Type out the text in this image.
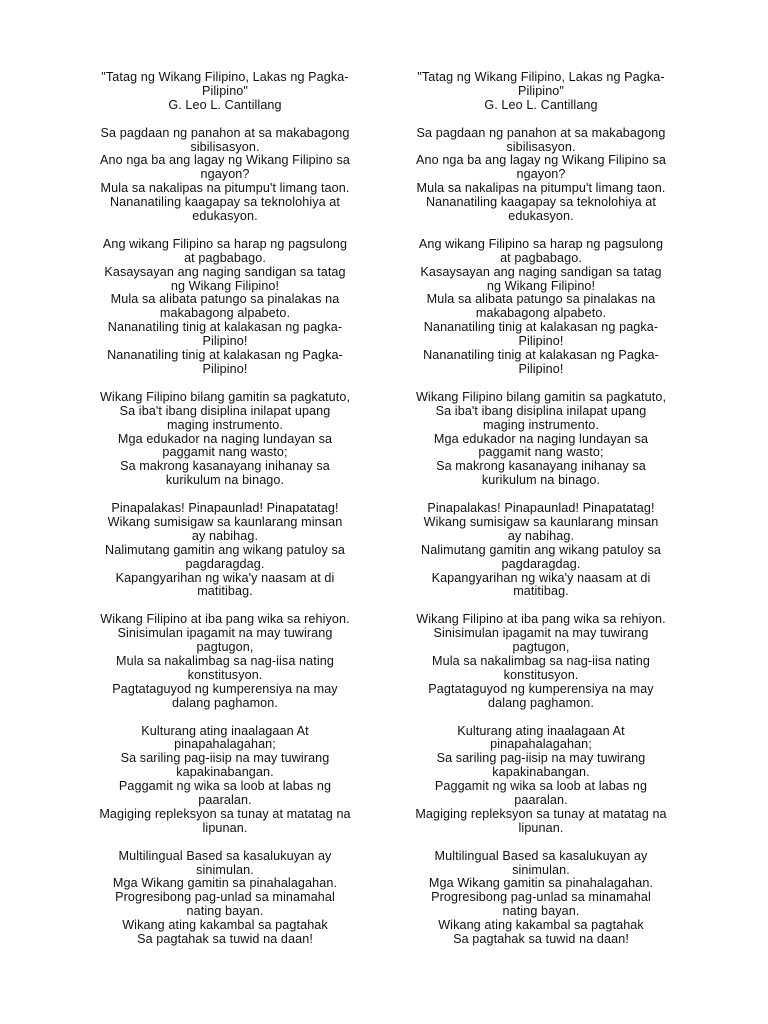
"Tatag ng Wikang Filipino, Lakas ng Pagka-
Pilipino"
G. Leo L. Cantillang
Sa pagdaan ng panahon at sa makabagong
sibilisasyon.
Ano nga ba ang lagay ng Wikang Filipino sa
ngayon?
Mula sa nakalipas na pitumpu't limang taon.
Nananatiling kaagapay sa teknolohiya at
edukasyon.
Ang wikang Filipino sa harap ng pagsulong
at pagbabago.
Kasaysayan ang naging sandigan sa tatag
ng Wikang Filipino!
Mula sa alibata patungo sa pinalakas na
makabagong alpabeto.
Nananatiling tinig at kalakasan ng pagka-
Pilipino!
Nananatiling tinig at kalakasan ng Pagka-
Pilipino!
Wikang Filipino bilang gamitin sa pagkatuto,
Sa iba't ibang disiplina inilapat upang
maging instrumento.
Mga edukador na naging lundayan sa
paggamit nang wasto;
Sa makrong kasanayang inihanay sa
kurikulum na binago.
Pinapalakas! Pinapaunlad! Pinapatatag!
Wikang sumisigaw sa kaunlarang minsan
ay nabihag.
Nalimutang gamitin ang wikang patuloy sa
pagdaragdag.
Kapangyarihan ng wika'y naasam at di
matitibag.
Wikang Filipino at iba pang wika sa rehiyon.
Sinisimulan ipagamit na may tuwirang
pagtugon,
Mula sa nakalimbag sa nag-iisa nating
konstitusyon.
Pagtataguyod ng kumperensiya na may
dalang paghamon.
Kulturang ating inaalagaan At
pinapahalagahan;
Sa sariling pag-iisip na may tuwirang
kapakinabangan.
Paggamit ng wika sa loob at labas ng
paaralan.
Magiging repleksyon sa tunay at matatag na
lipunan.
Multilingual Based sa kasalukuyan ay
sinimulan.
Mga Wikang gamitin sa pinahalagahan.
Progresibong pag-unlad sa minamahal
nating bayan.
Wikang ating kakambal sa pagtahak
Sa pagtahak sa tuwid na daan!
"Tatag ng Wikang Filipino, Lakas ng Pagka-
Pilipino"
G. Leo L. Cantillang
Sa pagdaan ng panahon at sa makabagong
sibilisasyon.
Ano nga ba ang lagay ng Wikang Filipino sa
ngayon?
Mula sa nakalipas na pitumpu't limang taon.
Nananatiling kaagapay sa teknolohiya at
edukasyon.
Ang wikang Filipino sa harap ng pagsulong
at pagbabago.
Kasaysayan ang naging sandigan sa tatag
ng Wikang Filipino!
Mula sa alibata patungo sa pinalakas na
makabagong alpabeto.
Nananatiling tinig at kalakasan ng pagka-
Pilipino!
Nananatiling tinig at kalakasan ng Pagka-
Pilipino!
Wikang Filipino bilang gamitin sa pagkatuto,
Sa iba't ibang disiplina inilapat upang
maging instrumento.
Mga edukador na naging lundayan sa
paggamit nang wasto;
Sa makrong kasanayang inihanay sa
kurikulum na binago.
Pinapalakas! Pinapaunlad! Pinapatatag!
Wikang sumisigaw sa kaunlarang minsan
ay nabihag.
Nalimutang gamitin ang wikang patuloy sa
pagdaragdag.
Kapangyarihan ng wika'y naasam at di
matitibag.
Wikang Filipino at iba pang wika sa rehiyon.
Sinisimulan ipagamit na may tuwirang
pagtugon,
Mula sa nakalimbag sa nag-iisa nating
konstitusyon.
Pagtataguyod ng kumperensiya na may
dalang paghamon.
Kulturang ating inaalagaan At
pinapahalagahan;
Sa sariling pag-iisip na may tuwirang
kapakinabangan.
Paggamit ng wika sa loob at labas ng
paaralan.
Magiging repleksyon sa tunay at matatag na
lipunan.
Multilingual Based sa kasalukuyan ay
sinimulan.
Mga Wikang gamitin sa pinahalagahan.
Progresibong pag-unlad sa minamahal
nating bayan.
Wikang ating kakambal sa pagtahak
Sa pagtahak sa tuwid na daan!
